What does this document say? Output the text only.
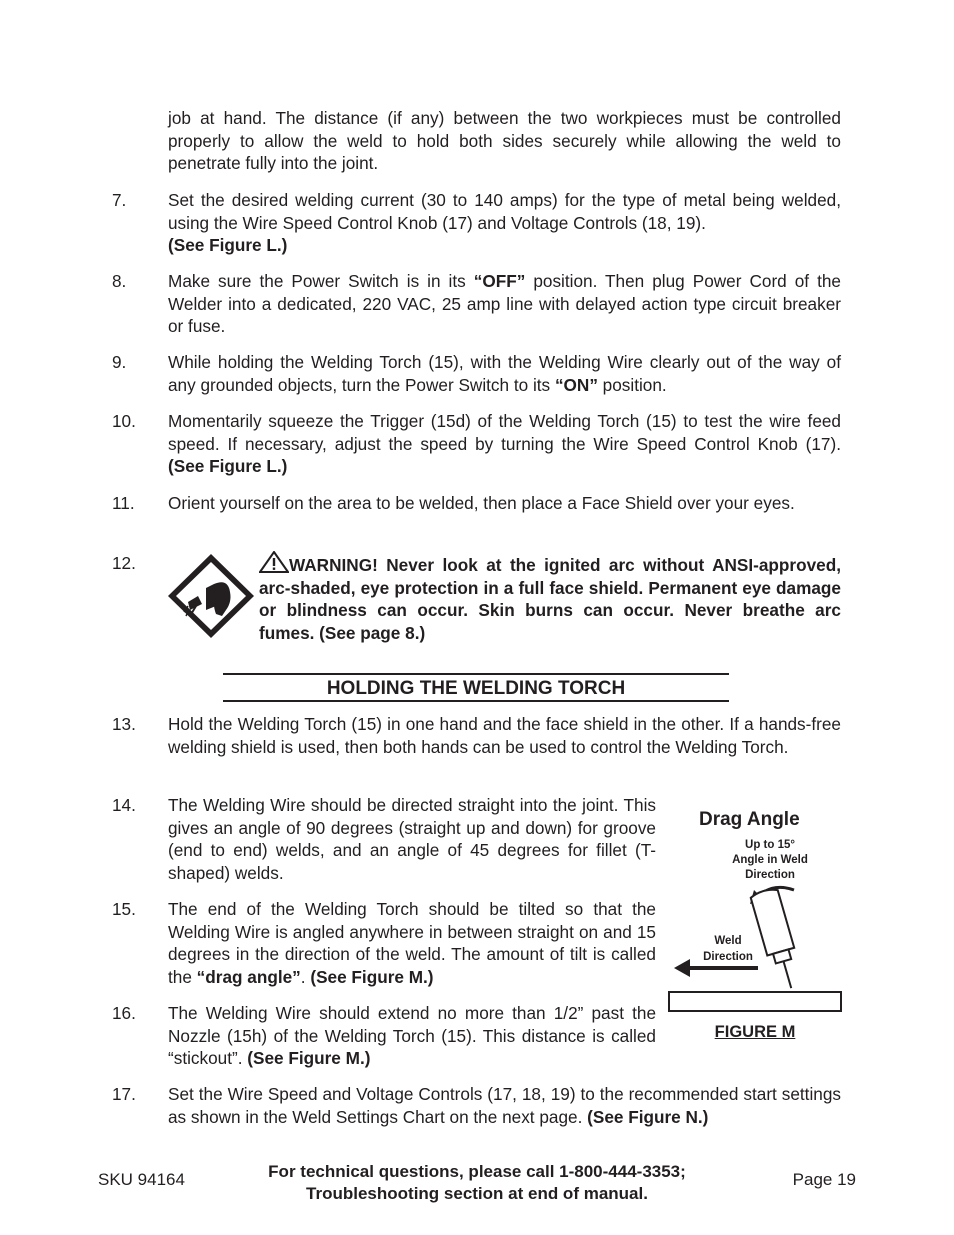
job at hand. The distance (if any) between the two workpieces must be controlled properly to allow the weld to hold both sides securely while allowing the weld to penetrate fully into the joint.
7. Set the desired welding current (30 to 140 amps) for the type of metal being welded, using the Wire Speed Control Knob (17) and Voltage Controls (18, 19).
(See Figure L.)
8. Make sure the Power Switch is in its “OFF” position. Then plug Power Cord of the Welder into a dedicated, 220 VAC, 25 amp line with delayed action type circuit breaker or fuse.
9. While holding the Welding Torch (15), with the Welding Wire clearly out of the way of any grounded objects, turn the Power Switch to its “ON” position.
10. Momentarily squeeze the Trigger (15d) of the Welding Torch (15) to test the wire feed speed. If necessary, adjust the speed by turning the Wire Speed Control Knob (17). (See Figure L.)
11. Orient yourself on the area to be welded, then place a Face Shield over your eyes.
12.	WARNING! Never look at the ignited arc without ANSI-approved, arc-shaded, eye protection in a full face shield. Permanent eye damage or blindness can occur. Skin burns can occur. Never breathe arc fumes. (See page 8.)
HOLDING THE WELDING TORCH
13. Hold the Welding Torch (15) in one hand and the face shield in the other. If a hands-free welding shield is used, then both hands can be used to control the Welding Torch.
14. The Welding Wire should be directed straight into the joint. This gives an angle of 90 degrees (straight up and down) for groove (end to end) welds, and an angle of 45 degrees for fillet (T-shaped) welds.
15. The end of the Welding Torch should be tilted so that the Welding Wire is angled anywhere in between straight on and 15 degrees in the direction of the weld. The amount of tilt is called the “drag angle”. (See Figure M.)
16. The Welding Wire should extend no more than 1/2” past the Nozzle (15h) of the Welding Torch (15). This distance is called “stickout”. (See Figure M.)
17. Set the Wire Speed and Voltage Controls (17, 18, 19) to the recommended start settings as shown in the Weld Settings Chart on the next page. (See Figure N.)
Drag Angle
Up to 15°
Angle in Weld
Direction
Weld
Direction
FIGURE M
SKU 94164	For technical questions, please call 1-800-444-3353;
Troubleshooting section at end of manual.
Page 19
